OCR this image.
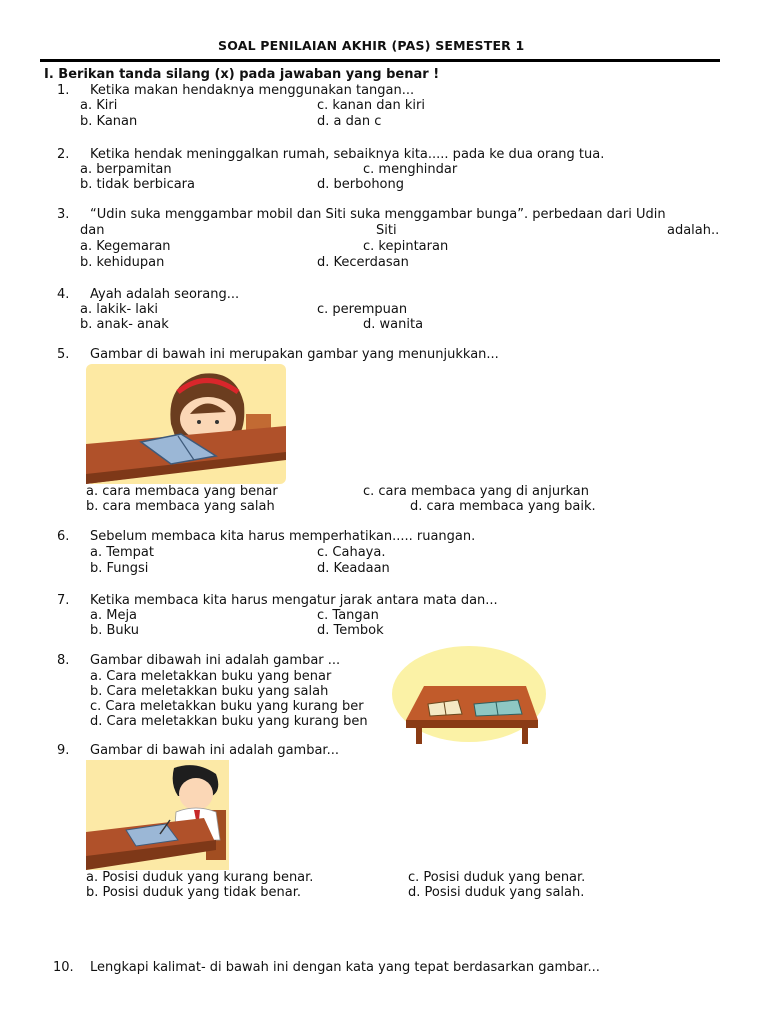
SOAL PENILAIAN AKHIR (PAS) SEMESTER 1
I. Berikan tanda silang (x) pada jawaban yang benar !
1. Ketika makan hendaknya menggunakan tangan...
a. Kiri	c. kanan dan kiri
b. Kanan	d. a dan c
2. Ketika hendak meninggalkan rumah, sebaiknya kita..... pada ke dua orang tua.
a. berpamitan	c. menghindar
b. tidak berbicara	d. berbohong
3. “Udin suka menggambar mobil dan Siti suka menggambar bunga”. perbedaan dari Udin
dan	Siti	adalah..
a. Kegemaran	c. kepintaran
b. kehidupan	d. Kecerdasan
4. Ayah adalah seorang...
a. lakik- laki	c. perempuan
b. anak- anak	d. wanita
5. Gambar di bawah ini merupakan gambar yang menunjukkan...
a. cara membaca yang benar	c. cara membaca yang di anjurkan
b. cara membaca yang salah	d. cara membaca yang baik.
6. Sebelum membaca kita harus memperhatikan..... ruangan.
a. Tempat	c. Cahaya.
b. Fungsi	d. Keadaan
7. Ketika membaca kita harus mengatur jarak antara mata dan...
a. Meja	c. Tangan
b. Buku	d. Tembok
8. Gambar dibawah ini adalah gambar ...
a. Cara meletakkan buku yang benar
b. Cara meletakkan buku yang salah
c. Cara meletakkan buku yang kurang ber
d. Cara meletakkan buku yang kurang ben
9. Gambar di bawah ini adalah gambar...
a. Posisi duduk yang kurang benar.	c. Posisi duduk yang benar.
b. Posisi duduk yang tidak benar.	d. Posisi duduk yang salah.
10. Lengkapi kalimat- di bawah ini dengan kata yang tepat berdasarkan gambar...
